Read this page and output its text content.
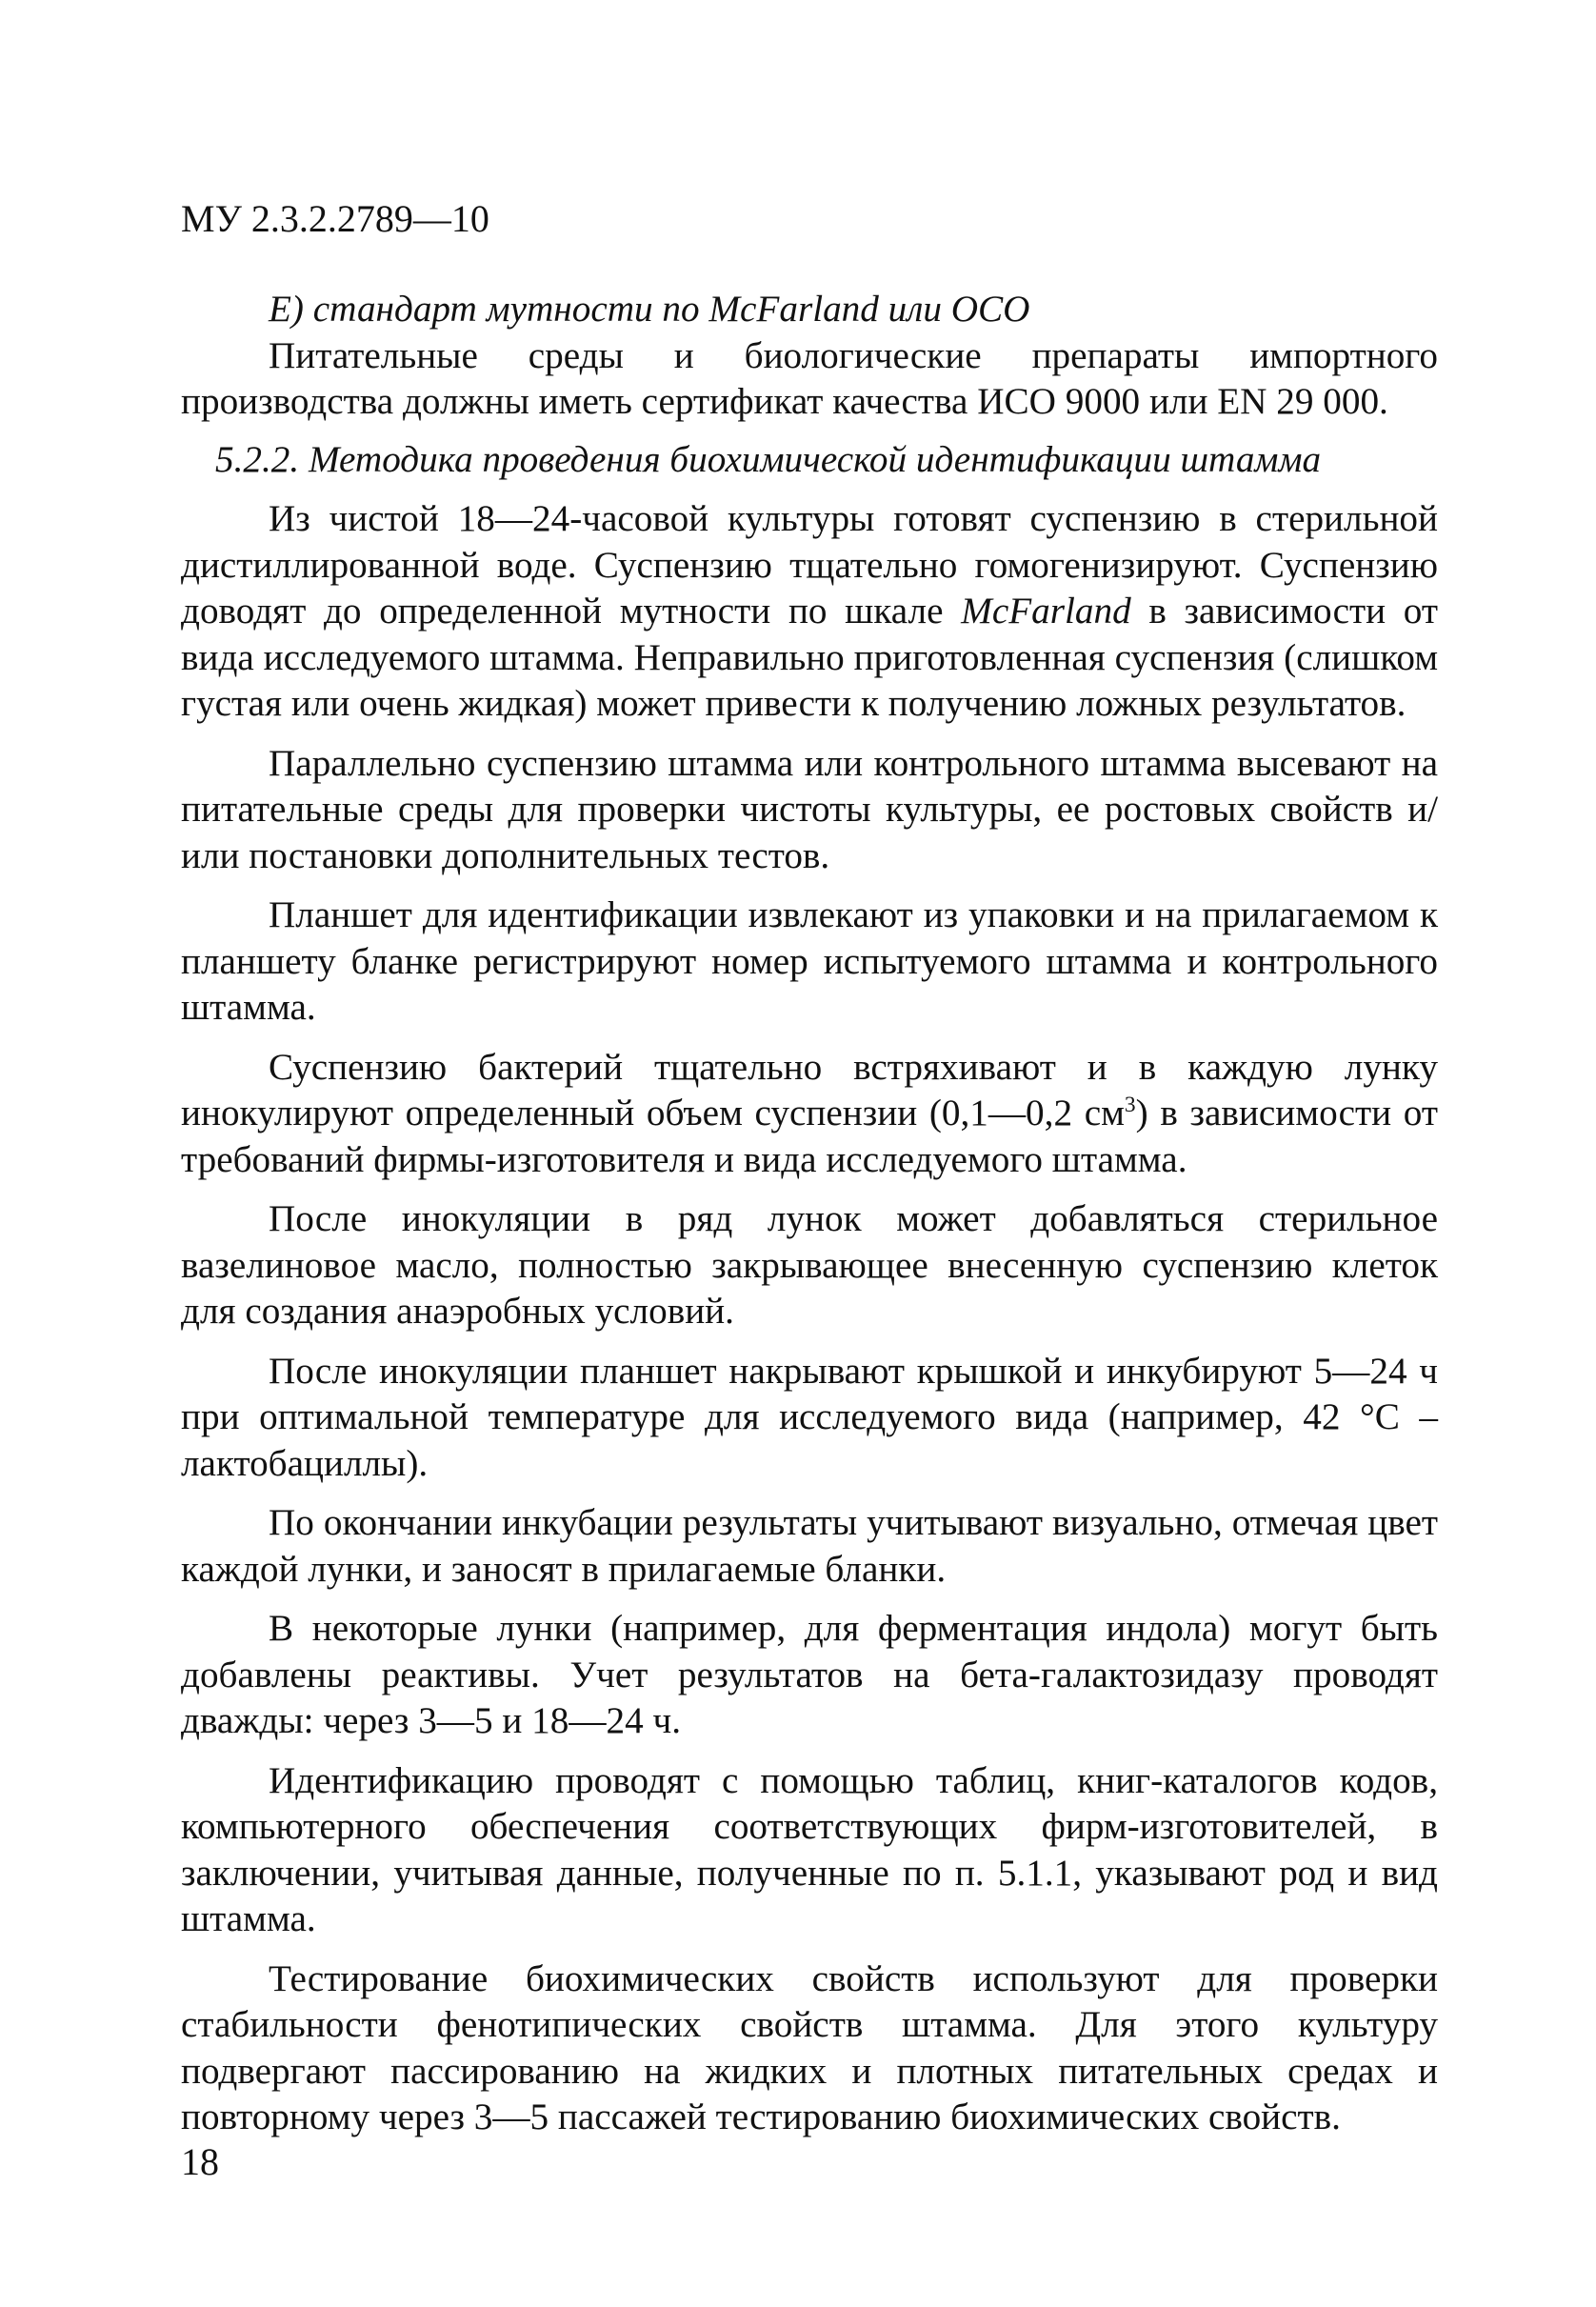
МУ 2.3.2.2789—10

Е) стандарт мутности по McFarland или ОСО

Питательные среды и биологические препараты импортного производства должны иметь сертификат качества ИСО 9000 или EN 29 000.

5.2.2. Методика проведения биохимической идентификации штамма

Из чистой 18—24-часовой культуры готовят суспензию в стерильной дистиллированной воде. Суспензию тщательно гомогенизируют. Суспензию доводят до определенной мутности по шкале McFarland в зависимости от вида исследуемого штамма. Неправильно приготовленная суспензия (слишком густая или очень жидкая) может привести к получению ложных результатов.

Параллельно суспензию штамма или контрольного штамма высевают на питательные среды для проверки чистоты культуры, ее ростовых свойств и/или постановки дополнительных тестов.

Планшет для идентификации извлекают из упаковки и на прилагаемом к планшету бланке регистрируют номер испытуемого штамма и контрольного штамма.

Суспензию бактерий тщательно встряхивают и в каждую лунку инокулируют определенный объем суспензии (0,1—0,2 $см^3$) в зависимости от требований фирмы-изготовителя и вида исследуемого штамма.

После инокуляции в ряд лунок может добавляться стерильное вазелиновое масло, полностью закрывающее внесенную суспензию клеток для создания анаэробных условий.

После инокуляции планшет накрывают крышкой и инкубируют 5—24 ч при оптимальной температуре для исследуемого вида (например, 42 °С – лактобациллы).

По окончании инкубации результаты учитывают визуально, отмечая цвет каждой лунки, и заносят в прилагаемые бланки.

В некоторые лунки (например, для ферментация индола) могут быть добавлены реактивы. Учет результатов на бета-галактозидазу проводят дважды: через 3—5 и 18—24 ч.

Идентификацию проводят с помощью таблиц, книг-каталогов кодов, компьютерного обеспечения соответствующих фирм-изготовителей, в заключении, учитывая данные, полученные по п. 5.1.1, указывают род и вид штамма.

Тестирование биохимических свойств используют для проверки стабильности фенотипических свойств штамма. Для этого культуру подвергают пассированию на жидких и плотных питательных средах и повторному через 3—5 пассажей тестированию биохимических свойств.

18
